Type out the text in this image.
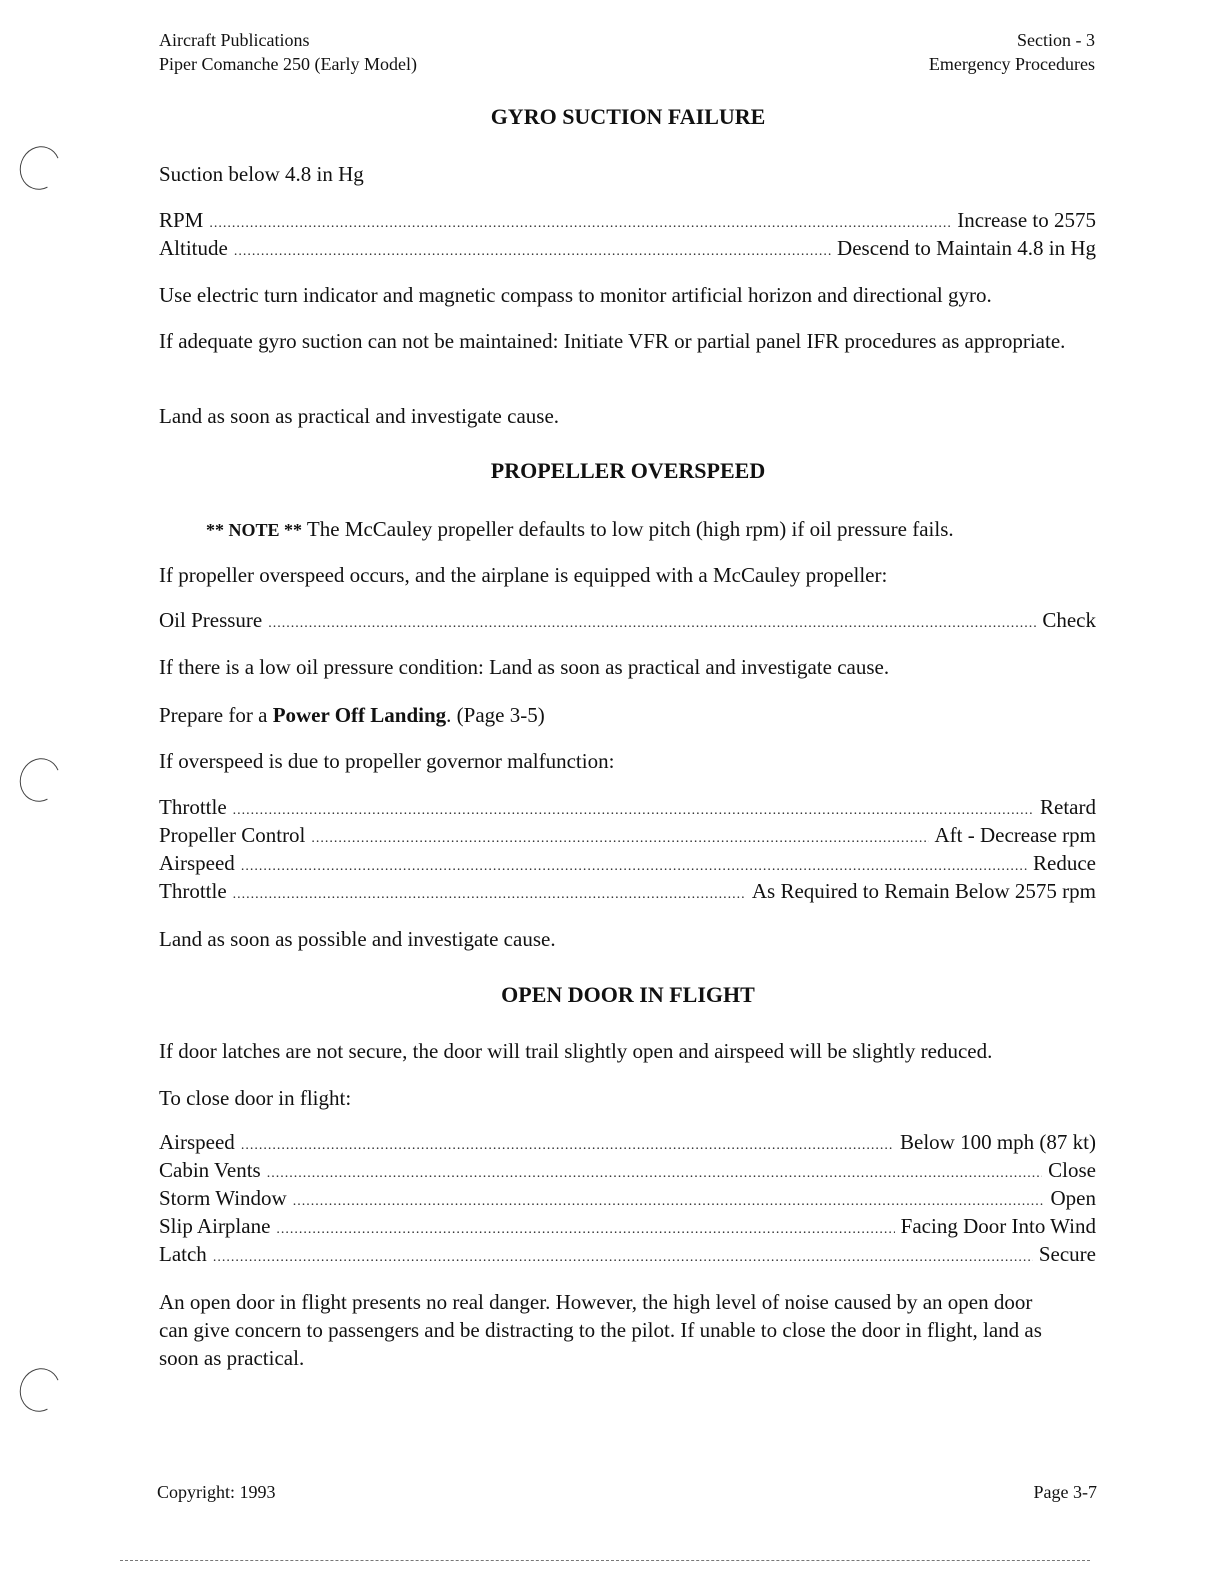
Aircraft Publications
Piper Comanche 250 (Early Model)
Section - 3
Emergency Procedures
GYRO SUCTION FAILURE
Suction below 4.8 in Hg
RPM .....	Increase to 2575
Altitude .....	Descend to Maintain 4.8 in Hg
Use electric turn indicator and magnetic compass to monitor artificial horizon and directional gyro.
If adequate gyro suction can not be maintained: Initiate VFR or partial panel IFR procedures as appropriate.
Land as soon as practical and investigate cause.
PROPELLER OVERSPEED
** NOTE ** The McCauley propeller defaults to low pitch (high rpm) if oil pressure fails.
If propeller overspeed occurs, and the airplane is equipped with a McCauley propeller:
Oil Pressure .....	Check
If there is a low oil pressure condition: Land as soon as practical and investigate cause.
Prepare for a Power Off Landing. (Page 3-5)
If overspeed is due to propeller governor malfunction:
Throttle .....	Retard
Propeller Control .....	Aft - Decrease rpm
Airspeed .....	Reduce
Throttle .....	As Required to Remain Below 2575 rpm
Land as soon as possible and investigate cause.
OPEN DOOR IN FLIGHT
If door latches are not secure, the door will trail slightly open and airspeed will be slightly reduced.
To close door in flight:
Airspeed .....	Below 100 mph (87 kt)
Cabin Vents .....	Close
Storm Window .....	Open
Slip Airplane .....	Facing Door Into Wind
Latch .....	Secure
An open door in flight presents no real danger. However, the high level of noise caused by an open door can give concern to passengers and be distracting to the pilot. If unable to close the door in flight, land as soon as practical.
Copyright: 1993	Page 3-7
